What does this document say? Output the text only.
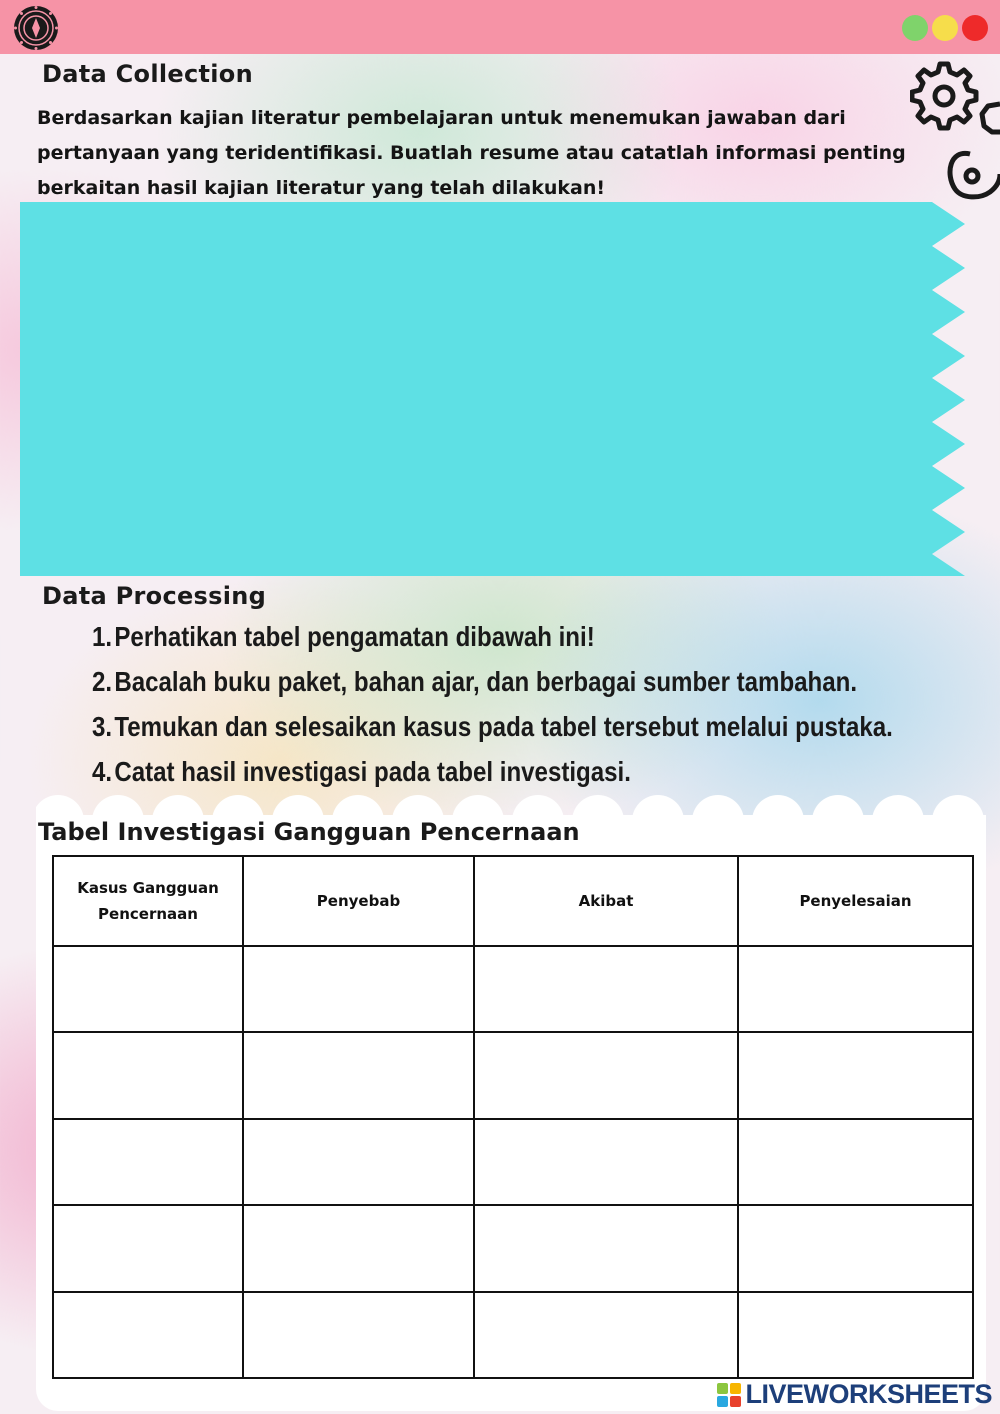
Data Collection

Berdasarkan kajian literatur pembelajaran untuk menemukan jawaban dari pertanyaan yang teridentifikasi. Buatlah resume atau catatlah informasi penting berkaitan hasil kajian literatur yang telah dilakukan!

Data Processing
1. Perhatikan tabel pengamatan dibawah ini!
2. Bacalah buku paket, bahan ajar, dan berbagai sumber tambahan.
3. Temukan dan selesaikan kasus pada tabel tersebut melalui pustaka.
4. Catat hasil investigasi pada tabel investigasi.
Tabel Investigasi Gangguan Pencernaan
Kasus Gangguan Pencernaan	Penyebab	Akibat	Penyelesaian

LIVEWORKSHEETS
